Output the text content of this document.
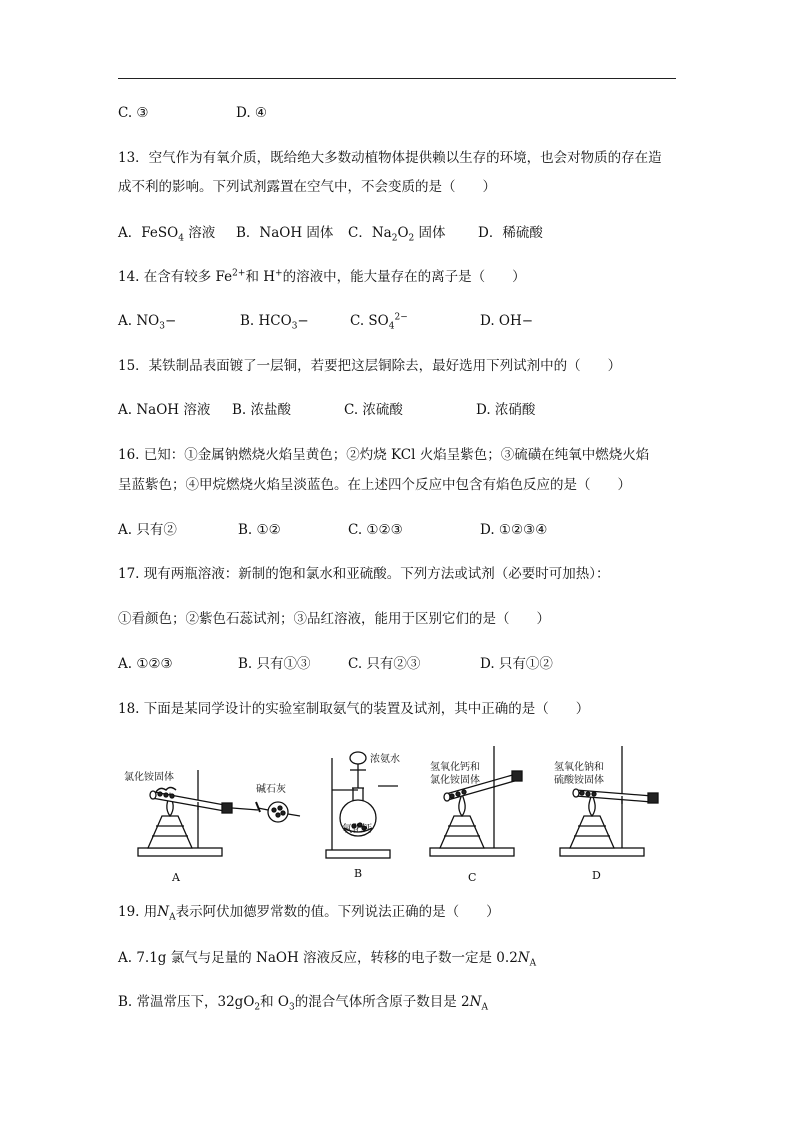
C. ③	D. ④
13．空气作为有氧介质，既给绝大多数动植物体提供赖以生存的环境，也会对物质的存在造
成不利的影响。下列试剂露置在空气中，不会变质的是（　　）
A．FeSO$_4$ 溶液 B．NaOH 固体 C．$Na_2O_2$ 固体 D．稀硫酸
14. 在含有较多 $Fe^{2+}$和 H+的溶液中，能大量存在的离子是（　　）
A. $NO_3-$	B. $HCO_3-$	C. $SO_4^{2-}$	D. OH−
15．某铁制品表面镀了一层铜，若要把这层铜除去，最好选用下列试剂中的（　　）
A. NaOH 溶液 B. 浓盐酸	C. 浓硫酸	D. 浓硝酸
16. 已知：①金属钠燃烧火焰呈黄色；②灼烧 KCl 火焰呈紫色；③硫磺在纯氧中燃烧火焰
呈蓝紫色；④甲烷燃烧火焰呈淡蓝色。在上述四个反应中包含有焰色反应的是（　　）
A. 只有②	B. ①②	C. ①②③	D. ①②③④
17. 现有两瓶溶液：新制的饱和氯水和亚硫酸。下列方法或试剂（必要时可加热）：
①看颜色；②紫色石蕊试剂；③品红溶液，能用于区别它们的是（　　）
A. ①②③	B. 只有①③	C. 只有②③	D. 只有①②
18. 下面是某同学设计的实验室制取氨气的装置及试剂，其中正确的是（　　）
氯化铵固体
碱石灰
A
浓氨水
氧化钙
B
氢氧化钙和
氯化铵固体
C
氢氧化钠和
硫酸铵固体
D
19. 用$N_A$表示阿伏加德罗常数的值。下列说法正确的是（　　）
A. 7.1g 氯气与足量的 NaOH 溶液反应，转移的电子数一定是 $0.2N_A$
B. 常温常压下，$32gO_2$和 $O_3$的混合气体所含原子数目是 $2N_A$
